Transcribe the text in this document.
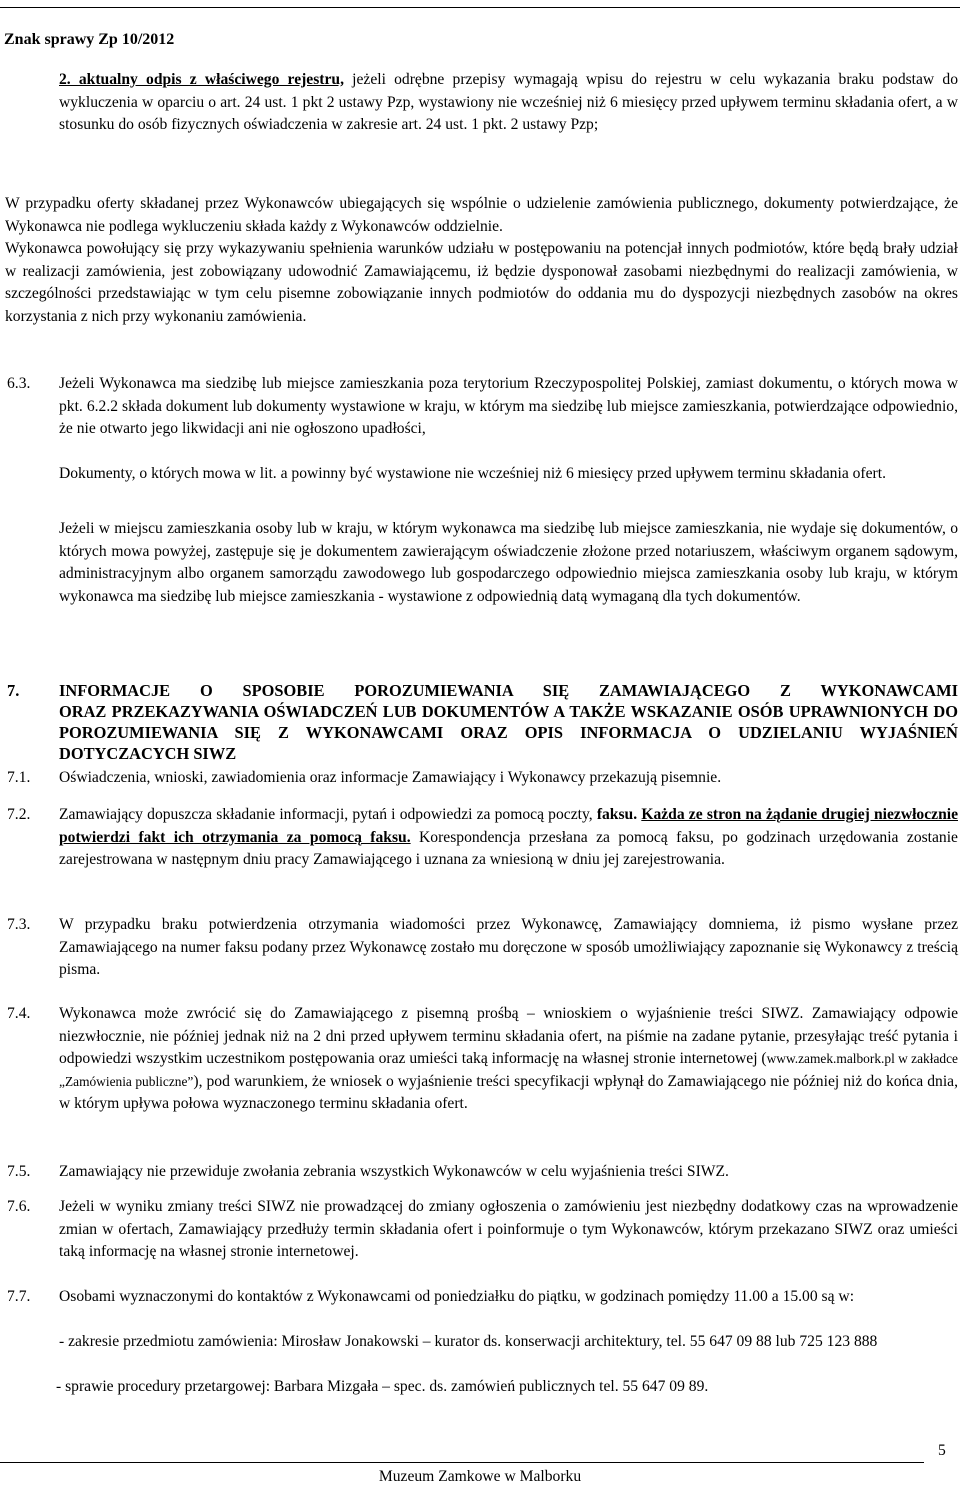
Znak sprawy Zp 10/2012
2. aktualny odpis z właściwego rejestru, jeżeli odrębne przepisy wymagają wpisu do rejestru w celu wykazania braku podstaw do wykluczenia w oparciu o art. 24 ust. 1 pkt 2 ustawy Pzp, wystawiony nie wcześniej niż 6 miesięcy przed upływem terminu składania ofert, a w stosunku do osób fizycznych oświadczenia w zakresie art. 24 ust. 1 pkt. 2 ustawy Pzp;
W przypadku oferty składanej przez Wykonawców ubiegających się wspólnie o udzielenie zamówienia publicznego, dokumenty potwierdzające, że Wykonawca nie podlega wykluczeniu składa każdy z Wykonawców oddzielnie.
Wykonawca powołujący się przy wykazywaniu spełnienia warunków udziału w postępowaniu na potencjał innych podmiotów, które będą brały udział w realizacji zamówienia, jest zobowiązany udowodnić Zamawiającemu, iż będzie dysponował zasobami niezbędnymi do realizacji zamówienia, w szczególności przedstawiając w tym celu pisemne zobowiązanie innych podmiotów do oddania mu do dyspozycji niezbędnych zasobów na okres korzystania z nich przy wykonaniu zamówienia.
6.3. Jeżeli Wykonawca ma siedzibę lub miejsce zamieszkania poza terytorium Rzeczypospolitej Polskiej, zamiast dokumentu, o których mowa w pkt. 6.2.2 składa dokument lub dokumenty wystawione w kraju, w którym ma siedzibę lub miejsce zamieszkania, potwierdzające odpowiednio, że nie otwarto jego likwidacji ani nie ogłoszono upadłości,
Dokumenty, o których mowa w lit. a powinny być wystawione nie wcześniej niż 6 miesięcy przed upływem terminu składania ofert.
Jeżeli w miejscu zamieszkania osoby lub w kraju, w którym wykonawca ma siedzibę lub miejsce zamieszkania, nie wydaje się dokumentów, o których mowa powyżej, zastępuje się je dokumentem zawierającym oświadczenie złożone przed notariuszem, właściwym organem sądowym, administracyjnym albo organem samorządu zawodowego lub gospodarczego odpowiednio miejsca zamieszkania osoby lub kraju, w którym wykonawca ma siedzibę lub miejsce zamieszkania - wystawione z odpowiednią datą wymaganą dla tych dokumentów.
7. INFORMACJE O SPOSOBIE POROZUMIEWANIA SIĘ ZAMAWIAJĄCEGO Z WYKONAWCAMI
ORAZ PRZEKAZYWANIA OŚWIADCZEŃ LUB DOKUMENTÓW A TAKŻE WSKAZANIE OSÓB UPRAWNIONYCH DO POROZUMIEWANIA SIĘ Z WYKONAWCAMI ORAZ OPIS INFORMACJA O UDZIELANIU WYJAŚNIEŃ DOTYCZACYCH SIWZ
7.1. Oświadczenia, wnioski, zawiadomienia oraz informacje Zamawiający i Wykonawcy przekazują pisemnie.
7.2. Zamawiający dopuszcza składanie informacji, pytań i odpowiedzi za pomocą poczty, faksu. Każda ze stron na żądanie drugiej niezwłocznie potwierdzi fakt ich otrzymania za pomocą faksu. Korespondencja przesłana za pomocą faksu, po godzinach urzędowania zostanie zarejestrowana w następnym dniu pracy Zamawiającego i uznana za wniesioną w dniu jej zarejestrowania.
7.3. W przypadku braku potwierdzenia otrzymania wiadomości przez Wykonawcę, Zamawiający domniema, iż pismo wysłane przez Zamawiającego na numer faksu podany przez Wykonawcę zostało mu doręczone w sposób umożliwiający zapoznanie się Wykonawcy z treścią pisma.
7.4. Wykonawca może zwrócić się do Zamawiającego z pisemną prośbą – wnioskiem o wyjaśnienie treści SIWZ. Zamawiający odpowie niezwłocznie, nie później jednak niż na 2 dni przed upływem terminu składania ofert, na piśmie na zadane pytanie, przesyłając treść pytania i odpowiedzi wszystkim uczestnikom postępowania oraz umieści taką informację na własnej stronie internetowej (www.zamek.malbork.pl w zakładce „Zamówienia publiczne”), pod warunkiem, że wniosek o wyjaśnienie treści specyfikacji wpłynął do Zamawiającego nie później niż do końca dnia, w którym upływa połowa wyznaczonego terminu składania ofert.
7.5. Zamawiający nie przewiduje zwołania zebrania wszystkich Wykonawców w celu wyjaśnienia treści SIWZ.
7.6. Jeżeli w wyniku zmiany treści SIWZ nie prowadzącej do zmiany ogłoszenia o zamówieniu jest niezbędny dodatkowy czas na wprowadzenie zmian w ofertach, Zamawiający przedłuży termin składania ofert i poinformuje o tym Wykonawców, którym przekazano SIWZ oraz umieści taką informację na własnej stronie internetowej.
7.7. Osobami wyznaczonymi do kontaktów z Wykonawcami od poniedziałku do piątku, w godzinach pomiędzy 11.00 a 15.00 są w:
- zakresie przedmiotu zamówienia: Mirosław Jonakowski – kurator ds. konserwacji architektury, tel. 55 647 09 88 lub 725 123 888
- sprawie procedury przetargowej: Barbara Mizgała – spec. ds. zamówień publicznych tel. 55 647 09 89.
5
Muzeum Zamkowe w Malborku
